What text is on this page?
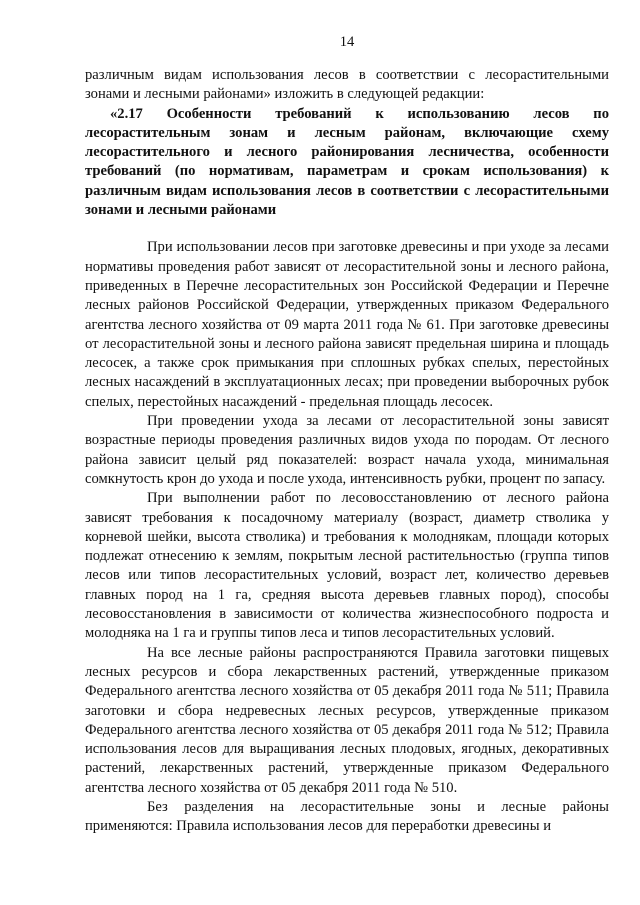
14

различным видам использования лесов в соответствии с лесорастительными зонами и лесными районами» изложить в следующей редакции:

«2.17 Особенности требований к использованию лесов по лесорастительным зонам и лесным районам, включающие схему лесорастительного и лесного районирования лесничества, особенности требований (по нормативам, параметрам и срокам использования) к различным видам использования лесов в соответствии с лесорастительными зонами и лесными районами

При использовании лесов при заготовке древесины и при уходе за лесами нормативы проведения работ зависят от лесорастительной зоны и лесного района, приведенных в Перечне лесорастительных зон Российской Федерации и Перечне лесных районов Российской Федерации, утвержденных приказом Федерального агентства лесного хозяйства от 09 марта 2011 года № 61. При заготовке древесины от лесорастительной зоны и лесного района зависят предельная ширина и площадь лесосек, а также срок примыкания при сплошных рубках спелых, перестойных лесных насаждений в эксплуатационных лесах; при проведении выборочных рубок спелых, перестойных насаждений - предельная площадь лесосек.

При проведении ухода за лесами от лесорастительной зоны зависят возрастные периоды проведения различных видов ухода по породам. От лесного района зависит целый ряд показателей: возраст начала ухода, минимальная сомкнутость крон до ухода и после ухода, интенсивность рубки, процент по запасу.

При выполнении работ по лесовосстановлению от лесного района зависят требования к посадочному материалу (возраст, диаметр стволика у корневой шейки, высота стволика) и требования к молоднякам, площади которых подлежат отнесению к землям, покрытым лесной растительностью (группа типов лесов или типов лесорастительных условий, возраст лет, количество деревьев главных пород на 1 га, средняя высота деревьев главных пород), способы лесовосстановления в зависимости от количества жизнеспособного подроста и молодняка на 1 га и группы типов леса и типов лесорастительных условий.

На все лесные районы распространяются Правила заготовки пищевых лесных ресурсов и сбора лекарственных растений, утвержденные приказом Федерального агентства лесного хозяйства от 05 декабря 2011 года № 511; Правила заготовки и сбора недревесных лесных ресурсов, утвержденные приказом Федерального агентства лесного хозяйства от 05 декабря 2011 года № 512; Правила использования лесов для выращивания лесных плодовых, ягодных, декоративных растений, лекарственных растений, утвержденные приказом Федерального агентства лесного хозяйства от 05 декабря 2011 года № 510.

Без разделения на лесорастительные зоны и лесные районы применяются: Правила использования лесов для переработки древесины и
